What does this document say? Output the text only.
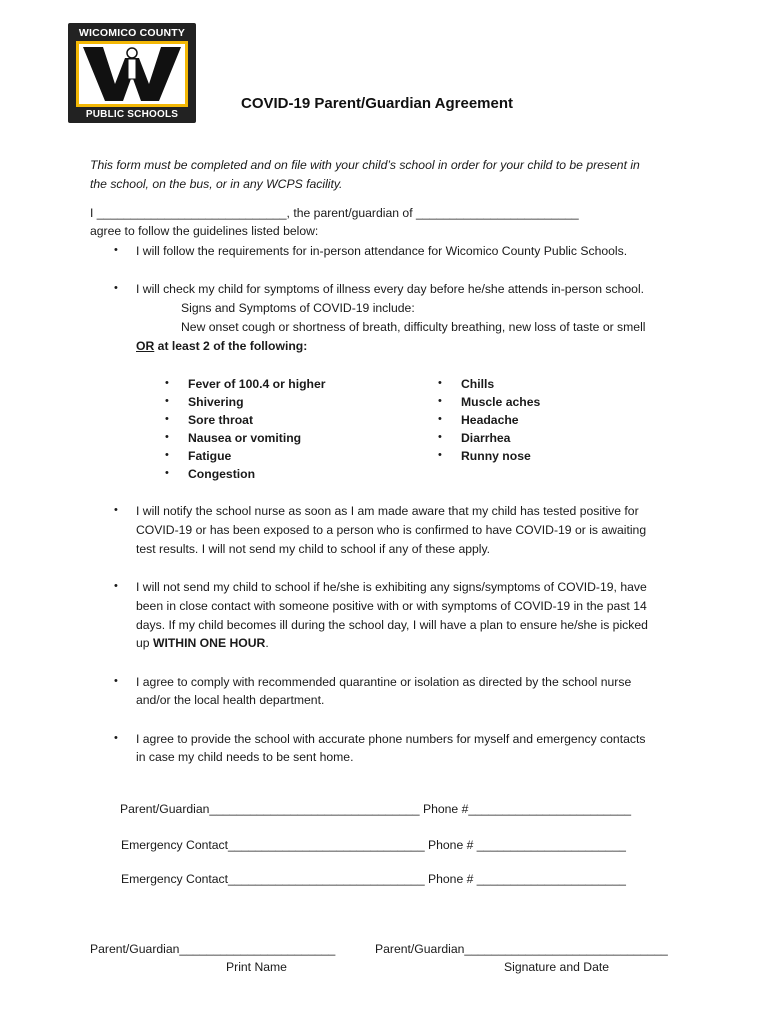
WICOMICO COUNTY
PUBLIC SCHOOLS
COVID-19 Parent/Guardian Agreement
This form must be completed and on file with your child’s school in order for your child to be present in
the school, on the bus, or in any WCPS facility.
I ____________________________, the parent/guardian of ________________________
agree to follow the guidelines listed below:
• I will follow the requirements for in-person attendance for Wicomico County Public Schools.
• I will check my child for symptoms of illness every day before he/she attends in-person school.
Signs and Symptoms of COVID-19 include:
New onset cough or shortness of breath, difficulty breathing, new loss of taste or smell
OR at least 2 of the following:
• Fever of 100.4 or higher
• Shivering
• Sore throat
• Nausea or vomiting
• Fatigue
• Congestion
• Chills
• Muscle aches
• Headache
• Diarrhea
• Runny nose
• I will notify the school nurse as soon as I am made aware that my child has tested positive for
COVID-19 or has been exposed to a person who is confirmed to have COVID-19 or is awaiting
test results. I will not send my child to school if any of these apply.
• I will not send my child to school if he/she is exhibiting any signs/symptoms of COVID-19, have
been in close contact with someone positive with or with symptoms of COVID-19 in the past 14
days. If my child becomes ill during the school day, I will have a plan to ensure he/she is picked
up WITHIN ONE HOUR.
• I agree to comply with recommended quarantine or isolation as directed by the school nurse
and/or the local health department.
• I agree to provide the school with accurate phone numbers for myself and emergency contacts
in case my child needs to be sent home.
Parent/Guardian_______________________________ Phone #________________________
Emergency Contact_____________________________ Phone # ______________________
Emergency Contact_____________________________ Phone # ______________________
Parent/Guardian_______________________
Print Name
Parent/Guardian______________________________
Signature and Date
